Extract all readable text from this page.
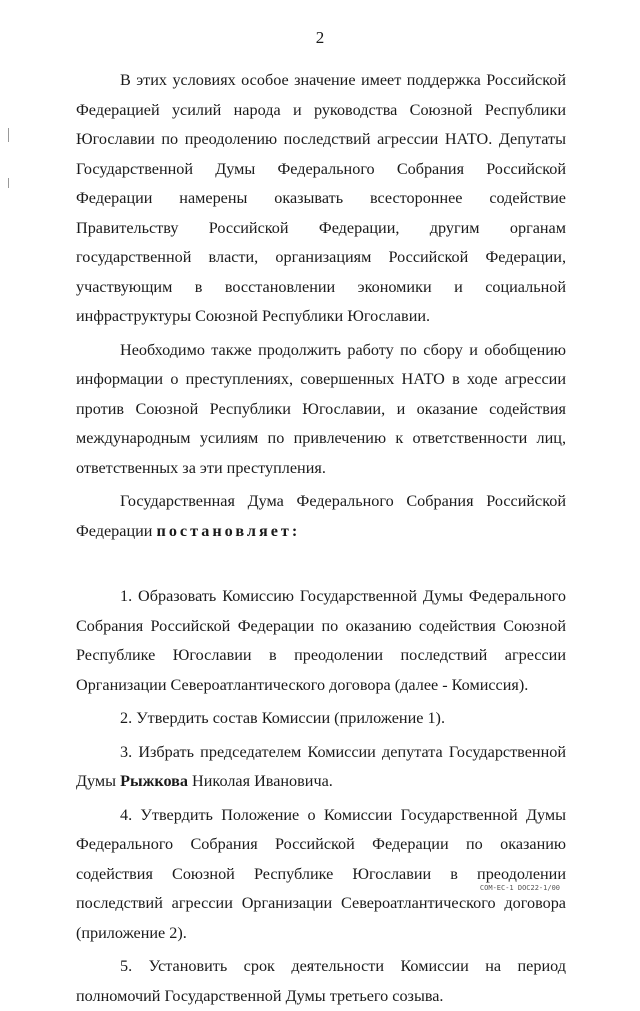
2

В этих условиях особое значение имеет поддержка Российской Федерацией усилий народа и руководства Союзной Республики Югославии по преодолению последствий агрессии НАТО. Депутаты Государственной Думы Федерального Собрания Российской Федерации намерены оказывать всестороннее содействие Правительству Российской Федерации, другим органам государственной власти, организациям Российской Федерации, участвующим в восстановлении экономики и социальной инфраструктуры Союзной Республики Югославии.

Необходимо также продолжить работу по сбору и обобщению информации о преступлениях, совершенных НАТО в ходе агрессии против Союзной Республики Югославии, и оказание содействия международным усилиям по привлечению к ответственности лиц, ответственных за эти преступления.

Государственная Дума Федерального Собрания Российской Федерации постановляет:

1. Образовать Комиссию Государственной Думы Федерального Собрания Российской Федерации по оказанию содействия Союзной Республике Югославии в преодолении последствий агрессии Организации Североатлантического договора (далее - Комиссия).

2. Утвердить состав Комиссии (приложение 1).

3. Избрать председателем Комиссии депутата Государственной Думы Рыжкова Николая Ивановича.

4. Утвердить Положение о Комиссии Государственной Думы Федерального Собрания Российской Федерации по оказанию содействия Союзной Республике Югославии в преодолении последствий агрессии Организации Североатлантического договора (приложение 2).

5. Установить срок деятельности Комиссии на период полномочий Государственной Думы третьего созыва.

COM-EC-1 DOC22-1/00
